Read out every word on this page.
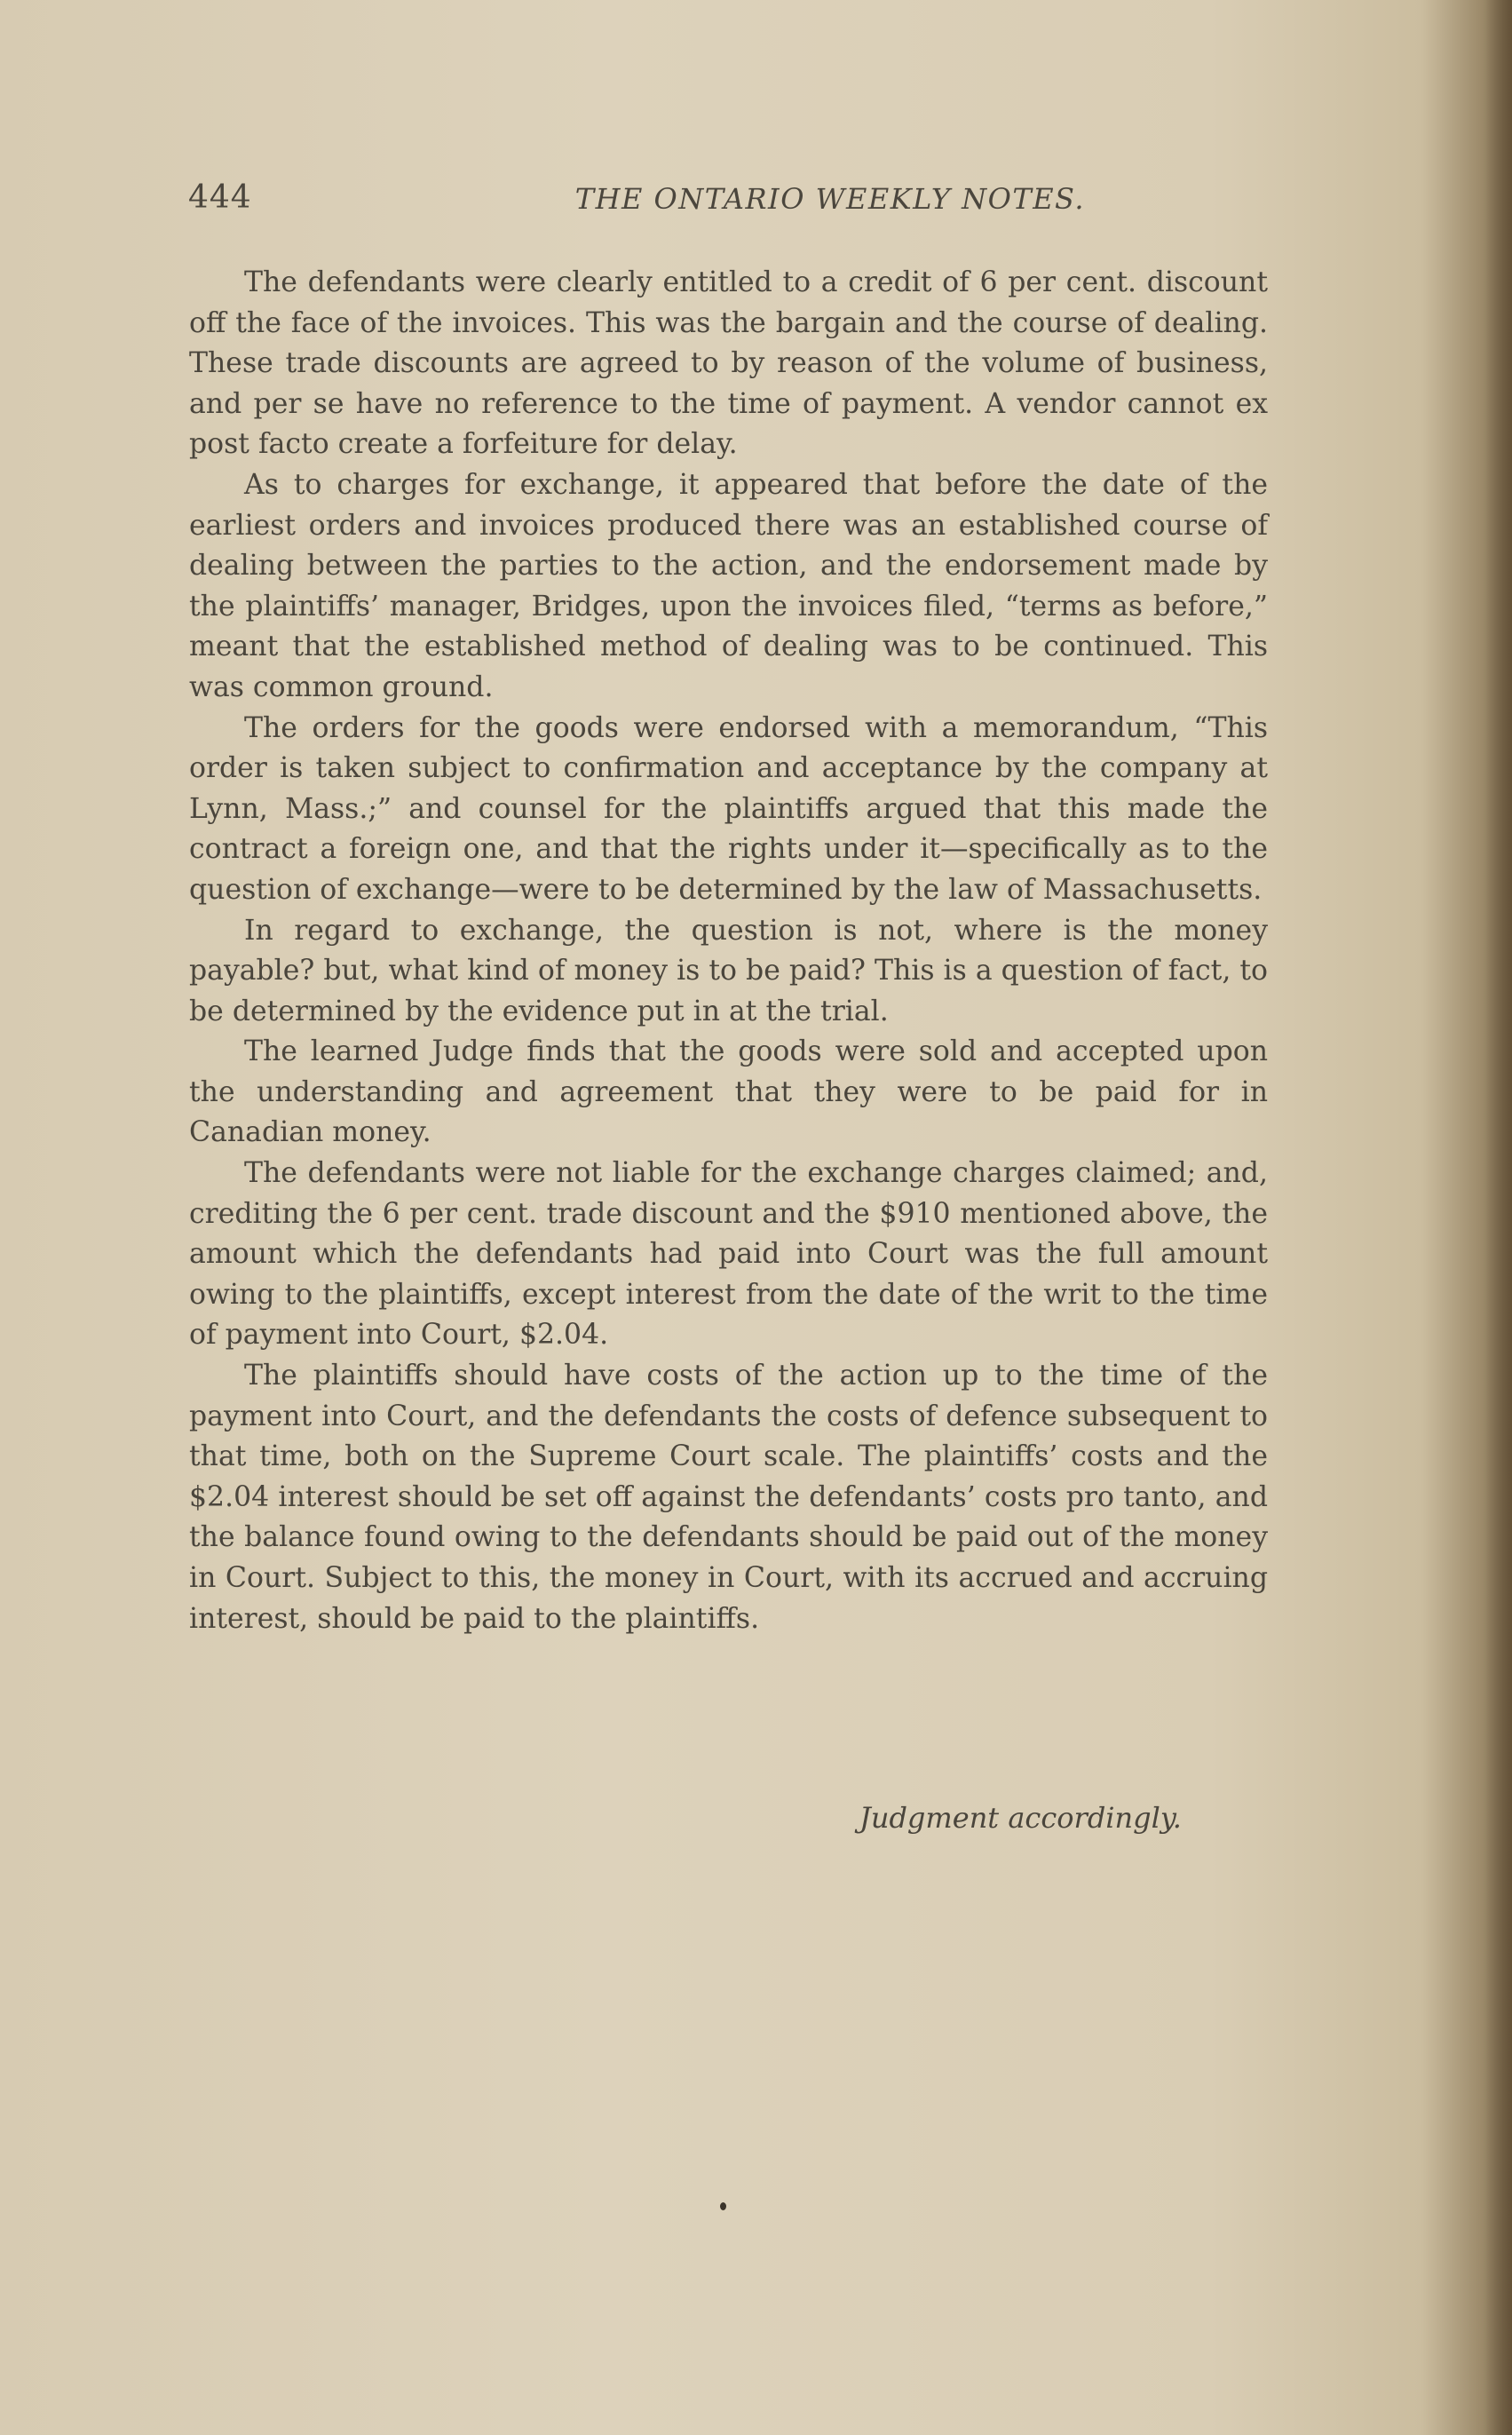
444	THE ONTARIO WEEKLY NOTES.

The defendants were clearly entitled to a credit of 6 per cent. discount off the face of the invoices. This was the bargain and the course of dealing. These trade discounts are agreed to by reason of the volume of business, and per se have no reference to the time of payment. A vendor cannot ex post facto create a forfeiture for delay.

As to charges for exchange, it appeared that before the date of the earliest orders and invoices produced there was an established course of dealing between the parties to the action, and the endorsement made by the plaintiffs’ manager, Bridges, upon the invoices filed, “terms as before,” meant that the established method of dealing was to be continued. This was common ground.

The orders for the goods were endorsed with a memorandum, “This order is taken subject to confirmation and acceptance by the company at Lynn, Mass.;” and counsel for the plaintiffs argued that this made the contract a foreign one, and that the rights under it—specifically as to the question of exchange—were to be determined by the law of Massachusetts.

In regard to exchange, the question is not, where is the money payable? but, what kind of money is to be paid? This is a question of fact, to be determined by the evidence put in at the trial.

The learned Judge finds that the goods were sold and accepted upon the understanding and agreement that they were to be paid for in Canadian money.

The defendants were not liable for the exchange charges claimed; and, crediting the 6 per cent. trade discount and the $910 mentioned above, the amount which the defendants had paid into Court was the full amount owing to the plaintiffs, except interest from the date of the writ to the time of payment into Court, $2.04.

The plaintiffs should have costs of the action up to the time of the payment into Court, and the defendants the costs of defence subsequent to that time, both on the Supreme Court scale. The plaintiffs’ costs and the $2.04 interest should be set off against the defendants’ costs pro tanto, and the balance found owing to the defendants should be paid out of the money in Court. Subject to this, the money in Court, with its accrued and accruing interest, should be paid to the plaintiffs.

Judgment accordingly.
